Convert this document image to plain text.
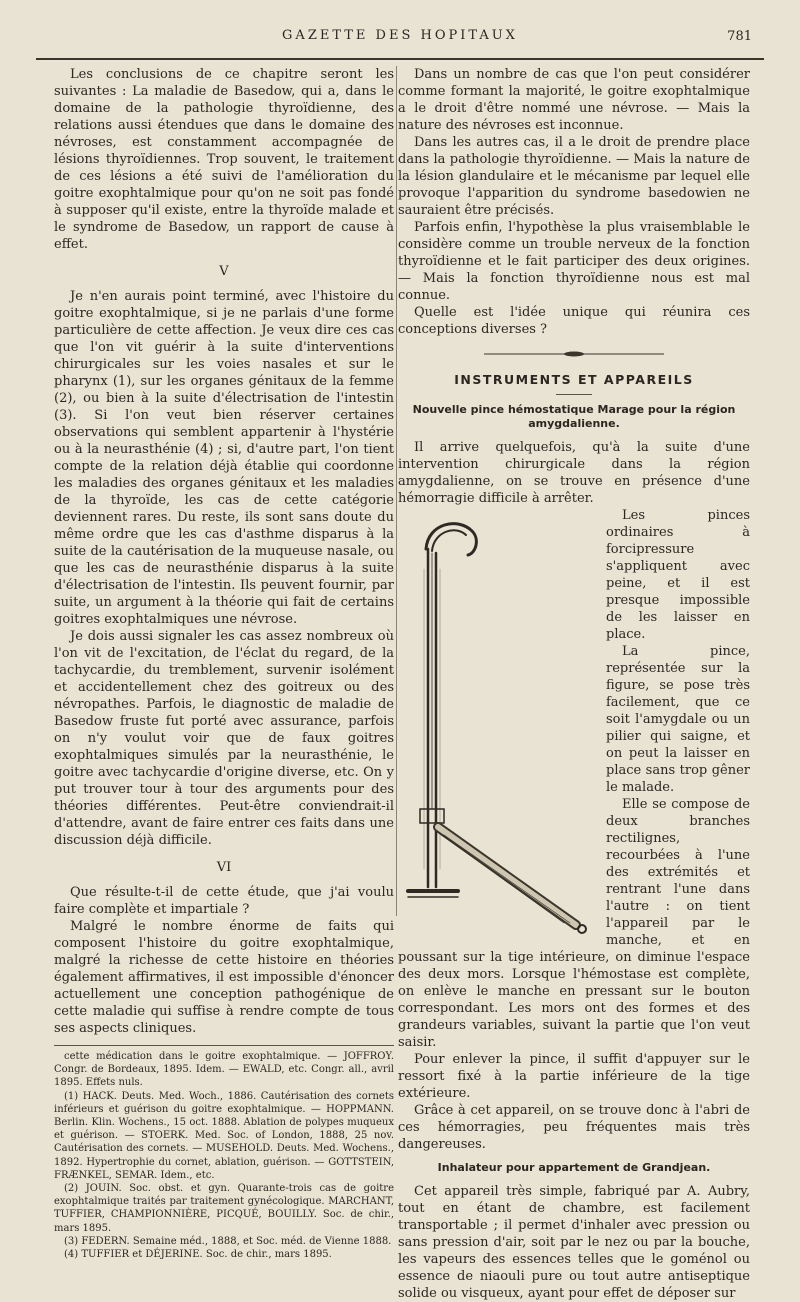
GAZETTE DES HOPITAUX	781

Les conclusions de ce chapitre seront les suivantes : La maladie de Basedow, qui a, dans le domaine de la pathologie thyroïdienne, des relations aussi étendues que dans le domaine des névroses, est constamment accompagnée de lésions thyroïdiennes. Trop souvent, le traitement de ces lésions a été suivi de l'amélioration du goitre exophtalmique pour qu'on ne soit pas fondé à supposer qu'il existe, entre la thyroïde malade et le syndrome de Basedow, un rapport de cause à effet.

V

Je n'en aurais point terminé, avec l'histoire du goitre exophtalmique, si je ne parlais d'une forme particulière de cette affection. Je veux dire ces cas que l'on vit guérir à la suite d'interventions chirurgicales sur les voies nasales et sur le pharynx (1), sur les organes génitaux de la femme (2), ou bien à la suite d'électrisation de l'intestin (3). Si l'on veut bien réserver certaines observations qui semblent appartenir à l'hystérie ou à la neurasthénie (4) ; si, d'autre part, l'on tient compte de la relation déjà établie qui coordonne les maladies des organes génitaux et les maladies de la thyroïde, les cas de cette catégorie deviennent rares. Du reste, ils sont sans doute du même ordre que les cas d'asthme disparus à la suite de la cautérisation de la muqueuse nasale, ou que les cas de neurasthénie disparus à la suite d'électrisation de l'intestin. Ils peuvent fournir, par suite, un argument à la théorie qui fait de certains goitres exophtalmiques une névrose.

Je dois aussi signaler les cas assez nombreux où l'on vit de l'excitation, de l'éclat du regard, de la tachycardie, du tremblement, survenir isolément et accidentellement chez des goitreux ou des névropathes. Parfois, le diagnostic de maladie de Basedow fruste fut porté avec assurance, parfois on n'y voulut voir que de faux goitres exophtalmiques simulés par la neurasthénie, le goitre avec tachycardie d'origine diverse, etc. On y put trouver tour à tour des arguments pour des théories différentes. Peut-être conviendrait-il d'attendre, avant de faire entrer ces faits dans une discussion déjà difficile.

VI

Que résulte-t-il de cette étude, que j'ai voulu faire complète et impartiale ?

Malgré le nombre énorme de faits qui composent l'histoire du goitre exophtalmique, malgré la richesse de cette histoire en théories également affirmatives, il est impossible d'énoncer actuellement une conception pathogénique de cette maladie qui suffise à rendre compte de tous ses aspects cliniques.

cette médication dans le goitre exophtalmique. — JOFFROY. Congr. de Bordeaux, 1895. Idem. — EWALD, etc. Congr. all., avril 1895. Effets nuls.

(1) HACK. Deuts. Med. Woch., 1886. Cautérisation des cornets inférieurs et guérison du goitre exophtalmique. — HOPPMANN. Berlin. Klin. Wochens., 15 oct. 1888. Ablation de polypes muqueux et guérison. — STOERK. Med. Soc. of London, 1888, 25 nov. Cautérisation des cornets. — MUSEHOLD. Deuts. Med. Wochens., 1892. Hypertrophie du cornet, ablation, guérison. — GOTTSTEIN, FRÆNKEL, SEMAR. Idem., etc.

(2) JOUIN. Soc. obst. et gyn. Quarante-trois cas de goitre exophtalmique traités par traitement gynécologique. MARCHANT, TUFFIER, CHAMPIONNIÈRE, PICQUÉ, BOUILLY. Soc. de chir., mars 1895.

(3) FEDERN. Semaine méd., 1888, et Soc. méd. de Vienne 1888.

(4) TUFFIER et DÉJERINE. Soc. de chir., mars 1895.

Dans un nombre de cas que l'on peut considérer comme formant la majorité, le goitre exophtalmique a le droit d'être nommé une névrose. — Mais la nature des névroses est inconnue.

Dans les autres cas, il a le droit de prendre place dans la pathologie thyroïdienne. — Mais la nature de la lésion glandulaire et le mécanisme par lequel elle provoque l'apparition du syndrome basedowien ne sauraient être précisés.

Parfois enfin, l'hypothèse la plus vraisemblable le considère comme un trouble nerveux de la fonction thyroïdienne et le fait participer des deux origines. — Mais la fonction thyroïdienne nous est mal connue.

Quelle est l'idée unique qui réunira ces conceptions diverses ?

INSTRUMENTS ET APPAREILS
Nouvelle pince hémostatique Marage pour la région amygdalienne.

Il arrive quelquefois, qu'à la suite d'une intervention chirurgicale dans la région amygdalienne, on se trouve en présence d'une hémorragie difficile à arrêter.

Les pinces ordinaires à forcipressure s'appliquent avec peine, et il est presque impossible de les laisser en place.

La pince, représentée sur la figure, se pose très facilement, que ce soit l'amygdale ou un pilier qui saigne, et on peut la laisser en place sans trop gêner le malade.

Elle se compose de deux branches rectilignes, recourbées à l'une des extrémités et rentrant l'une dans l'autre : on tient l'appareil par le manche, et en poussant sur la tige intérieure, on diminue l'espace des deux mors. Lorsque l'hémostase est complète, on enlève le manche en pressant sur le bouton correspondant. Les mors ont des formes et des grandeurs variables, suivant la partie que l'on veut saisir.

Pour enlever la pince, il suffit d'appuyer sur le ressort fixé à la partie inférieure de la tige extérieure.

Grâce à cet appareil, on se trouve donc à l'abri de ces hémorragies, peu fréquentes mais très dangereuses.

Inhalateur pour appartement de Grandjean.

Cet appareil très simple, fabriqué par A. Aubry, tout en étant de chambre, est facilement transportable ; il permet d'inhaler avec pression ou sans pression d'air, soit par le nez ou par la bouche, les vapeurs des essences telles que le goménol ou essence de niaouli pure ou tout autre antiseptique solide ou visqueux, ayant pour effet de déposer sur
